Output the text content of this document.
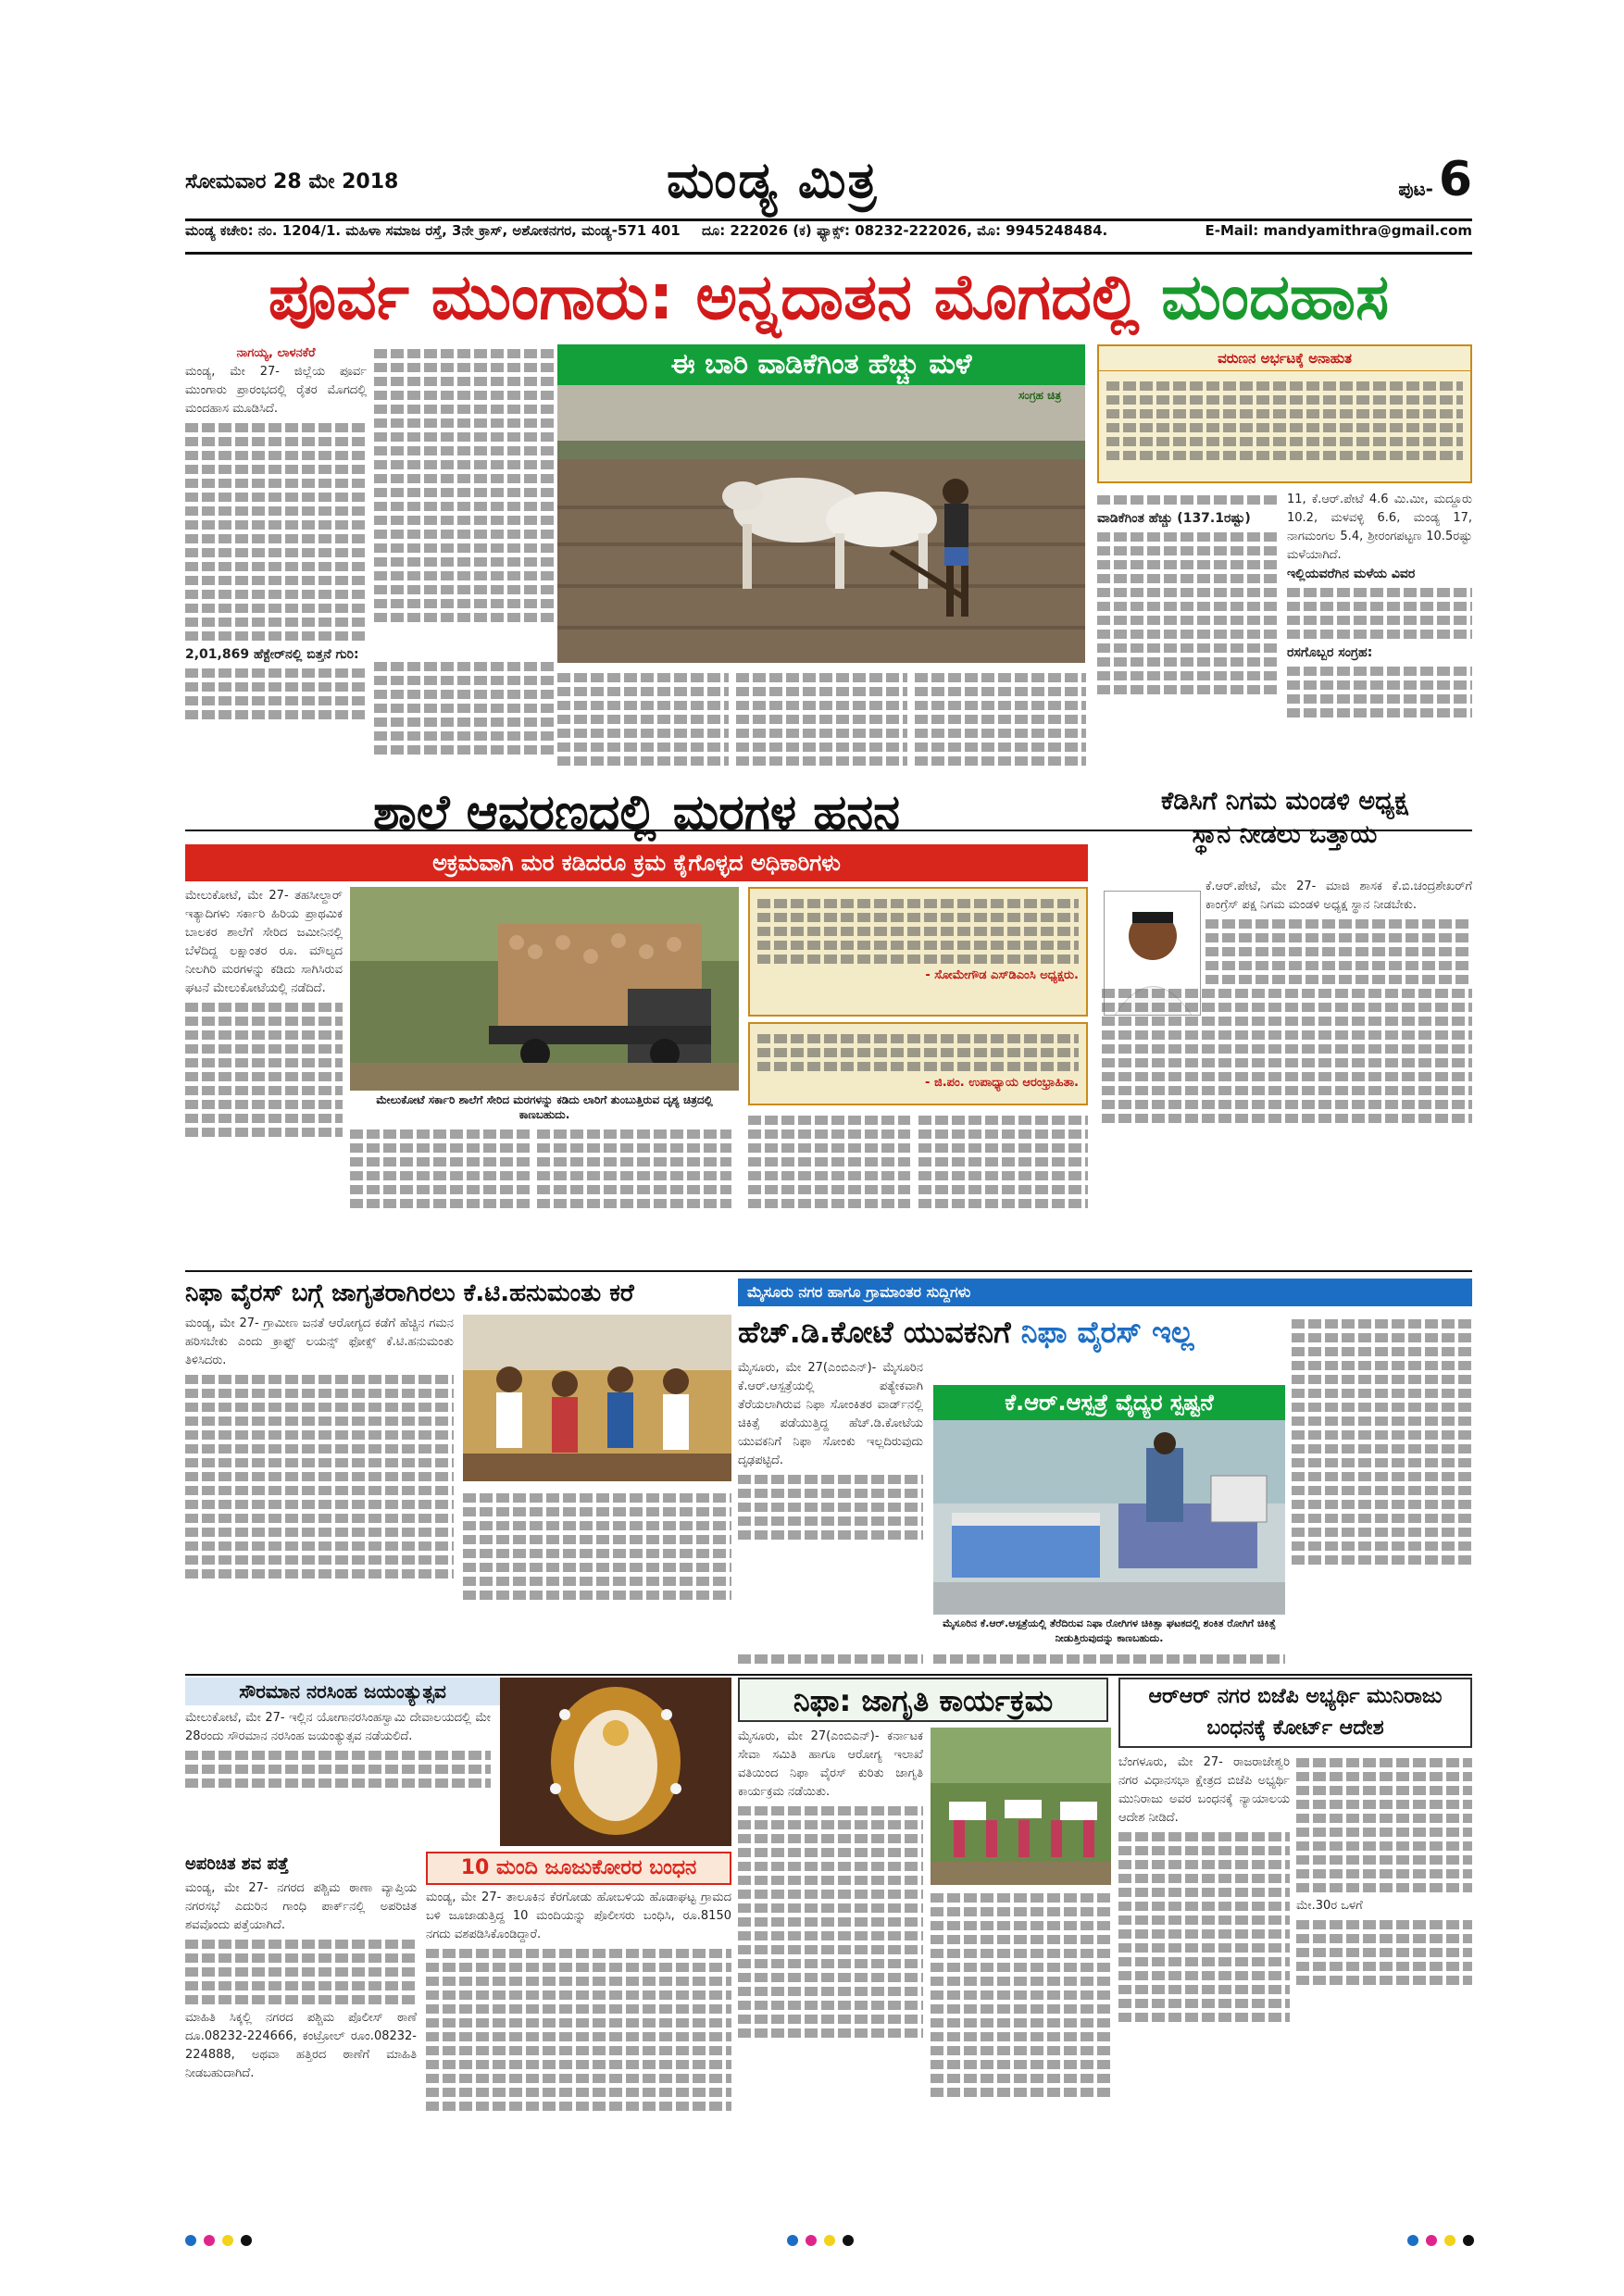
ಸೋಮವಾರ 28 ಮೇ 2018	ಮಂಡ್ಯ ಮಿತ್ರ	ಪುಟ- 6
ಮಂಡ್ಯ ಕಚೇರಿ: ನಂ. 1204/1. ಮಹಿಳಾ ಸಮಾಜ ರಸ್ತೆ, 3ನೇ ಕ್ರಾಸ್, ಅಶೋಕನಗರ, ಮಂಡ್ಯ-571 401 ದೂ: 222026 (ಕ) ಫ್ಯಾಕ್ಸ್: 08232-222026, ಮೊ: 9945248484.	E-Mail: mandyamithra@gmail.com
ಪೂರ್ವ ಮುಂಗಾರು: ಅನ್ನದಾತನ ಮೊಗದಲ್ಲಿ ಮಂದಹಾಸ
ನಾಗಯ್ಯ, ಲಾಳನಕೆರೆ
ಮಂಡ್ಯ, ಮೇ 27- ಜಿಲ್ಲೆಯ ಪೂರ್ವ ಮುಂಗಾರು ಪ್ರಾರಂಭದಲ್ಲಿ ರೈತರ ಮೊಗದಲ್ಲಿ ಮಂದಹಾಸ ಮೂಡಿಸಿದೆ.
2,01,869 ಹೆಕ್ಟೇರ್‌ನಲ್ಲಿ ಬಿತ್ತನೆ ಗುರಿ:
ಈ ಬಾರಿ ವಾಡಿಕೆಗಿಂತ ಹೆಚ್ಚು ಮಳೆ
ಸಂಗ್ರಹ ಚಿತ್ರ
ವರುಣನ ಅರ್ಭಟಕ್ಕೆ ಅನಾಹುತ
ವಾಡಿಕೆಗಿಂತ ಹೆಚ್ಚು (137.1ರಷ್ಟು)
11, ಕೆ.ಆರ್.ಪೇಟೆ 4.6 ಮಿ.ಮೀ, ಮದ್ದೂರು 10.2, ಮಳವಳ್ಳಿ 6.6, ಮಂಡ್ಯ 17, ನಾಗಮಂಗಲ 5.4, ಶ್ರೀರಂಗಪಟ್ಟಣ 10.5ರಷ್ಟು ಮಳೆಯಾಗಿದೆ.
ಇಲ್ಲಿಯವರೆಗಿನ ಮಳೆಯ ವಿವರ
ರಸಗೊಬ್ಬರ ಸಂಗ್ರಹ:
ಶಾಲೆ ಆವರಣದಲ್ಲಿ ಮರಗಳ ಹನನ
ಅಕ್ರಮವಾಗಿ ಮರ ಕಡಿದರೂ ಕ್ರಮ ಕೈಗೊಳ್ಳದ ಅಧಿಕಾರಿಗಳು
ಮೇಲುಕೋಟೆ, ಮೇ 27- ತಹಸೀಲ್ದಾರ್ ಇತ್ಯಾದಿಗಳು ಸರ್ಕಾರಿ ಹಿರಿಯ ಪ್ರಾಥಮಿಕ ಬಾಲಕರ ಶಾಲೆಗೆ ಸೇರಿದ ಜಮೀನಿನಲ್ಲಿ ಬೆಳೆದಿದ್ದ ಲಕ್ಷಾಂತರ ರೂ. ಮೌಲ್ಯದ ನೀಲಗಿರಿ ಮರಗಳನ್ನು ಕಡಿದು ಸಾಗಿಸಿರುವ ಘಟನೆ ಮೇಲುಕೋಟೆಯಲ್ಲಿ ನಡೆದಿದೆ.
ಮೇಲುಕೋಟೆ ಸರ್ಕಾರಿ ಶಾಲೆಗೆ ಸೇರಿದ ಮರಗಳನ್ನು ಕಡಿದು ಲಾರಿಗೆ ತುಂಬುತ್ತಿರುವ ದೃಶ್ಯ ಚಿತ್ರದಲ್ಲಿ ಕಾಣಬಹುದು.
- ಸೋಮೇಗೌಡ ಎಸ್‌ಡಿಎಂಸಿ ಅಧ್ಯಕ್ಷರು.
- ಜಿ.ಪಂ. ಉಪಾಧ್ಯಾಯ ಆರಂಭ್ರಾಹಿತಾ.
ಕೆಡಿಸಿಗೆ ನಿಗಮ ಮಂಡಳಿ ಅಧ್ಯಕ್ಷ
ಸ್ಥಾನ ನೀಡಲು ಒತ್ತಾಯ
ಕೆ.ಆರ್.ಪೇಟೆ, ಮೇ 27- ಮಾಜಿ ಶಾಸಕ ಕೆ.ಬಿ.ಚಂದ್ರಶೇಖರ್‌ಗೆ ಕಾಂಗ್ರೆಸ್ ಪಕ್ಷ ನಿಗಮ ಮಂಡಳಿ ಅಧ್ಯಕ್ಷ ಸ್ಥಾನ ನೀಡಬೇಕು.
ನಿಫಾ ವೈರಸ್ ಬಗ್ಗೆ ಜಾಗೃತರಾಗಿರಲು ಕೆ.ಟಿ.ಹನುಮಂತು ಕರೆ
ಮಂಡ್ಯ, ಮೇ 27- ಗ್ರಾಮೀಣ ಜನತೆ ಆರೋಗ್ಯದ ಕಡೆಗೆ ಹೆಚ್ಚಿನ ಗಮನ ಹರಿಸಬೇಕು ಎಂದು ಕ್ರಾಫ್ಟ್ ಲಯನ್ಸ್ ಫೋಕ್ಸ್ ಕೆ.ಟಿ.ಹನುಮಂತು ತಿಳಿಸಿದರು.
ಮೈಸೂರು ನಗರ ಹಾಗೂ ಗ್ರಾಮಾಂತರ ಸುದ್ದಿಗಳು
ಹೆಚ್.ಡಿ.ಕೋಟೆ ಯುವಕನಿಗೆ ನಿಫಾ ವೈರಸ್ ಇಲ್ಲ
ಮೈಸೂರು, ಮೇ 27(ಎಂಬಿಎನ್)- ಮೈಸೂರಿನ ಕೆ.ಆರ್.ಆಸ್ಪತ್ರೆಯಲ್ಲಿ ಪತ್ಯೇಕವಾಗಿ ತೆರೆಯಲಾಗಿರುವ ನಿಫಾ ಸೋಂಕಿತರ ವಾರ್ಡ್‌ನಲ್ಲಿ ಚಿಕಿತ್ಸೆ ಪಡೆಯುತ್ತಿದ್ದ ಹೆಚ್.ಡಿ.ಕೋಟೆಯ ಯುವಕನಿಗೆ ನಿಫಾ ಸೋಂಕು ಇಲ್ಲದಿರುವುದು ದೃಢಪಟ್ಟಿದೆ.
ಕೆ.ಆರ್.ಆಸ್ಪತ್ರೆ ವೈದ್ಯರ ಸ್ಪಷ್ಟನೆ
ಮೈಸೂರಿನ ಕೆ.ಆರ್.ಆಸ್ಪತ್ರೆಯಲ್ಲಿ ತೆರೆದಿರುವ ನಿಫಾ ರೋಗಿಗಳ ಚಿಕಿತ್ಸಾ ಘಟಕದಲ್ಲಿ ಶಂಕಿತ ರೋಗಿಗೆ ಚಿಕಿತ್ಸೆ ನೀಡುತ್ತಿರುವುದನ್ನು ಕಾಣಬಹುದು.
ಸೌರಮಾನ ನರಸಿಂಹ ಜಯಂತ್ಯುತ್ಸವ
ಮೇಲುಕೋಟೆ, ಮೇ 27- ಇಲ್ಲಿನ ಯೋಗಾನರಸಿಂಹಸ್ವಾಮಿ ದೇವಾಲಯದಲ್ಲಿ ಮೇ 28ರಂದು ಸೌರಮಾನ ನರಸಿಂಹ ಜಯಂತ್ಯುತ್ಸವ ನಡೆಯಲಿದೆ.
ಅಪರಿಚಿತ ಶವ ಪತ್ತೆ
ಮಂಡ್ಯ, ಮೇ 27- ನಗರದ ಪಶ್ಚಿಮ ಠಾಣಾ ವ್ಯಾಪ್ತಿಯ ನಗರಸಭೆ ಎದುರಿನ ಗಾಂಧಿ ಪಾರ್ಕ್‌ನಲ್ಲಿ ಅಪರಿಚಿತ ಶವವೊಂದು ಪತ್ತೆಯಾಗಿದೆ.
ಮಾಹಿತಿ ಸಿಕ್ಕಲ್ಲಿ ನಗರದ ಪಶ್ಚಿಮ ಪೊಲೀಸ್ ಠಾಣೆ ದೂ.08232-224666, ಕಂಟ್ರೋಲ್ ರೂಂ.08232-224888, ಅಥವಾ ಹತ್ತಿರದ ಠಾಣೆಗೆ ಮಾಹಿತಿ ನೀಡಬಹುದಾಗಿದೆ.
10 ಮಂದಿ ಜೂಜುಕೋರರ ಬಂಧನ
ಮಂಡ್ಯ, ಮೇ 27- ತಾಲೂಕಿನ ಕೆರಗೋಡು ಹೋಬಳಿಯ ಹೊಡಾಘಟ್ಟ ಗ್ರಾಮದ ಬಳಿ ಜೂಜಾಡುತ್ತಿದ್ದ 10 ಮಂದಿಯನ್ನು ಪೊಲೀಸರು ಬಂಧಿಸಿ, ರೂ.8150 ನಗದು ವಶಪಡಿಸಿಕೊಂಡಿದ್ದಾರೆ.
ನಿಫಾ: ಜಾಗೃತಿ ಕಾರ್ಯಕ್ರಮ
ಮೈಸೂರು, ಮೇ 27(ಎಂಬಿಎನ್)- ಕರ್ನಾಟಕ ಸೇವಾ ಸಮಿತಿ ಹಾಗೂ ಆರೋಗ್ಯ ಇಲಾಖೆ ವತಿಯಿಂದ ನಿಫಾ ವೈರಸ್ ಕುರಿತು ಜಾಗೃತಿ ಕಾರ್ಯಕ್ರಮ ನಡೆಯಿತು.
ಆರ್‌ಆರ್ ನಗರ ಬಿಜೆಪಿ ಅಭ್ಯರ್ಥಿ ಮುನಿರಾಜು
ಬಂಧನಕ್ಕೆ ಕೋರ್ಟ್ ಆದೇಶ
ಬೆಂಗಳೂರು, ಮೇ 27- ರಾಜರಾಜೇಶ್ವರಿ ನಗರ ವಿಧಾನಸಭಾ ಕ್ಷೇತ್ರದ ಬಿಜೆಪಿ ಅಭ್ಯರ್ಥಿ ಮುನಿರಾಜು ಅವರ ಬಂಧನಕ್ಕೆ ನ್ಯಾಯಾಲಯ ಆದೇಶ ನೀಡಿದೆ.
ಮೇ.30ರ ಒಳಗೆ
